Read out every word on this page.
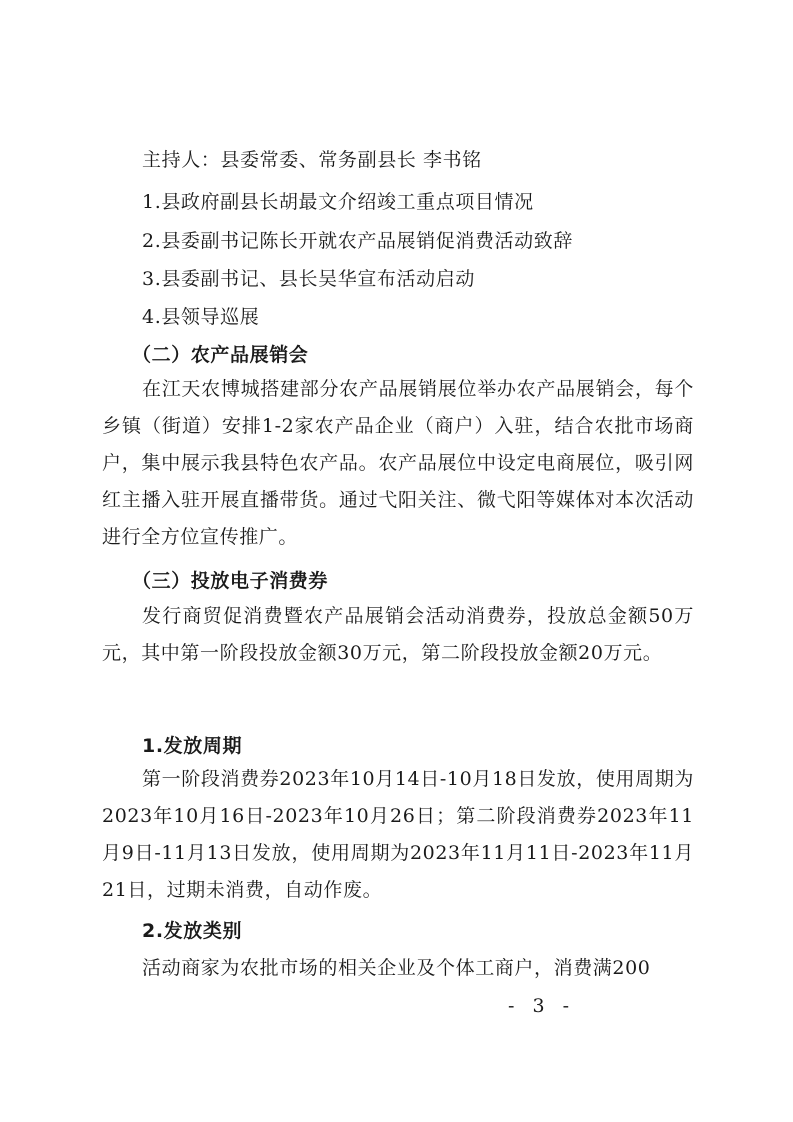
主持人：县委常委、常务副县长 李书铭
1.县政府副县长胡最文介绍竣工重点项目情况
2.县委副书记陈长开就农产品展销促消费活动致辞
3.县委副书记、县长吴华宣布活动启动
4.县领导巡展
（二）农产品展销会
在江天农博城搭建部分农产品展销展位举办农产品展销会，每个乡镇（街道）安排1-2家农产品企业（商户）入驻，结合农批市场商户，集中展示我县特色农产品。农产品展位中设定电商展位，吸引网红主播入驻开展直播带货。通过弋阳关注、微弋阳等媒体对本次活动进行全方位宣传推广。
（三）投放电子消费券
发行商贸促消费暨农产品展销会活动消费券，投放总金额50万元，其中第一阶段投放金额30万元，第二阶段投放金额20万元。
1.发放周期
第一阶段消费券2023年10月14日-10月18日发放，使用周期为2023年10月16日-2023年10月26日；第二阶段消费券2023年11月9日-11月13日发放，使用周期为2023年11月11日-2023年11月21日，过期未消费，自动作废。
2.发放类别
活动商家为农批市场的相关企业及个体工商户，消费满200
- 3 -
